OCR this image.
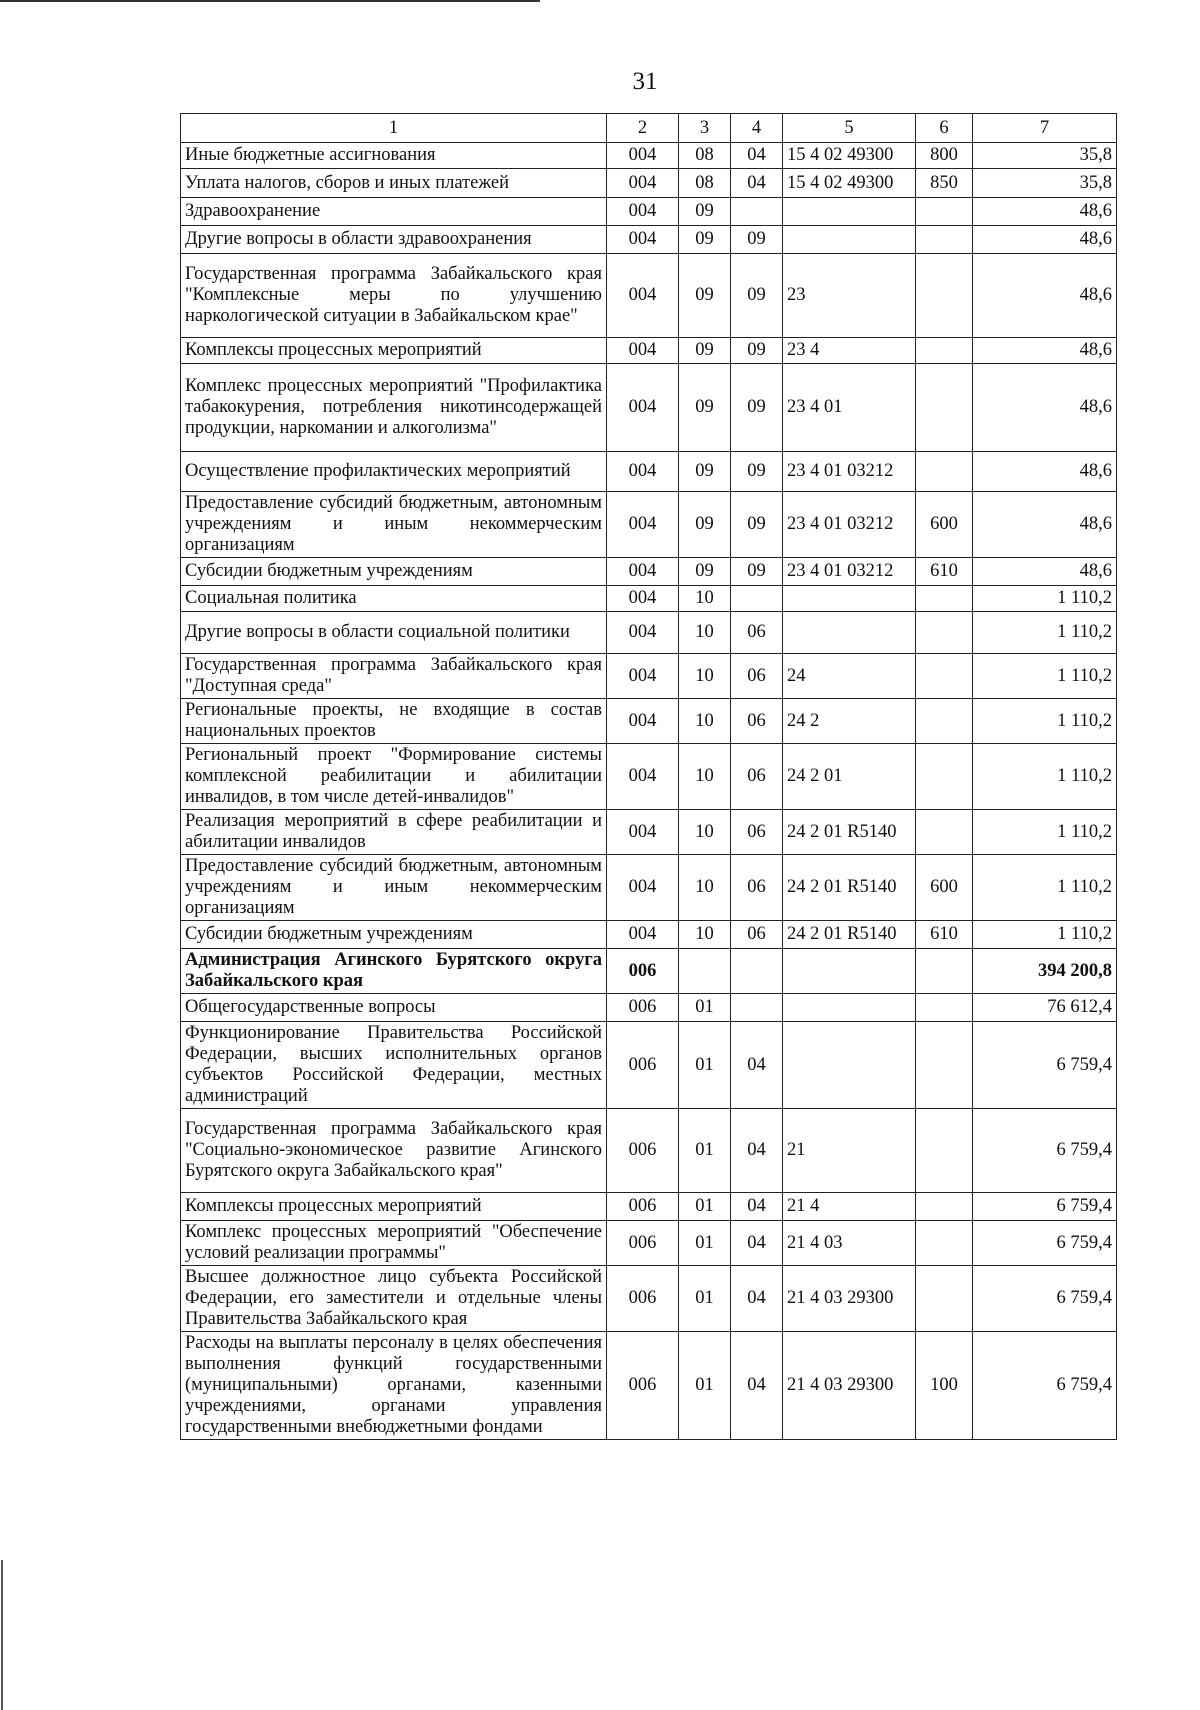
31
1	2	3	4	5	6	7
Иные бюджетные ассигнования	004	08	04	15 4 02 49300	800	35,8
Уплата налогов, сборов и иных платежей	004	08	04	15 4 02 49300	850	35,8
Здравоохранение	004	09				48,6
Другие вопросы в области здравоохранения	004	09	09			48,6
Государственная программа Забайкальского края "Комплексные меры по улучшению наркологической ситуации в Забайкальском крае"	004	09	09	23		48,6
Комплексы процессных мероприятий	004	09	09	23 4		48,6
Комплекс процессных мероприятий "Профилактика табакокурения, потребления никотинсодержащей продукции, наркомании и алкоголизма"	004	09	09	23 4 01		48,6
Осуществление профилактических мероприятий	004	09	09	23 4 01 03212		48,6
Предоставление субсидий бюджетным, автономным учреждениям и иным некоммерческим организациям	004	09	09	23 4 01 03212	600	48,6
Субсидии бюджетным учреждениям	004	09	09	23 4 01 03212	610	48,6
Социальная политика	004	10				1 110,2
Другие вопросы в области социальной политики	004	10	06			1 110,2
Государственная программа Забайкальского края "Доступная среда"	004	10	06	24		1 110,2
Региональные проекты, не входящие в состав национальных проектов	004	10	06	24 2		1 110,2
Региональный проект "Формирование системы комплексной реабилитации и абилитации инвалидов, в том числе детей-инвалидов"	004	10	06	24 2 01		1 110,2
Реализация мероприятий в сфере реабилитации и абилитации инвалидов	004	10	06	24 2 01 R5140		1 110,2
Предоставление субсидий бюджетным, автономным учреждениям и иным некоммерческим организациям	004	10	06	24 2 01 R5140	600	1 110,2
Субсидии бюджетным учреждениям	004	10	06	24 2 01 R5140	610	1 110,2
Администрация Агинского Бурятского округа Забайкальского края	006					394 200,8
Общегосударственные вопросы	006	01				76 612,4
Функционирование Правительства Российской Федерации, высших исполнительных органов субъектов Российской Федерации, местных администраций	006	01	04			6 759,4
Государственная программа Забайкальского края "Социально-экономическое развитие Агинского Бурятского округа Забайкальского края"	006	01	04	21		6 759,4
Комплексы процессных мероприятий	006	01	04	21 4		6 759,4
Комплекс процессных мероприятий "Обеспечение условий реализации программы"	006	01	04	21 4 03		6 759,4
Высшее должностное лицо субъекта Российской Федерации, его заместители и отдельные члены Правительства Забайкальского края	006	01	04	21 4 03 29300		6 759,4
Расходы на выплаты персоналу в целях обеспечения выполнения функций государственными (муниципальными) органами, казенными учреждениями, органами управления государственными внебюджетными фондами	006	01	04	21 4 03 29300	100	6 759,4
